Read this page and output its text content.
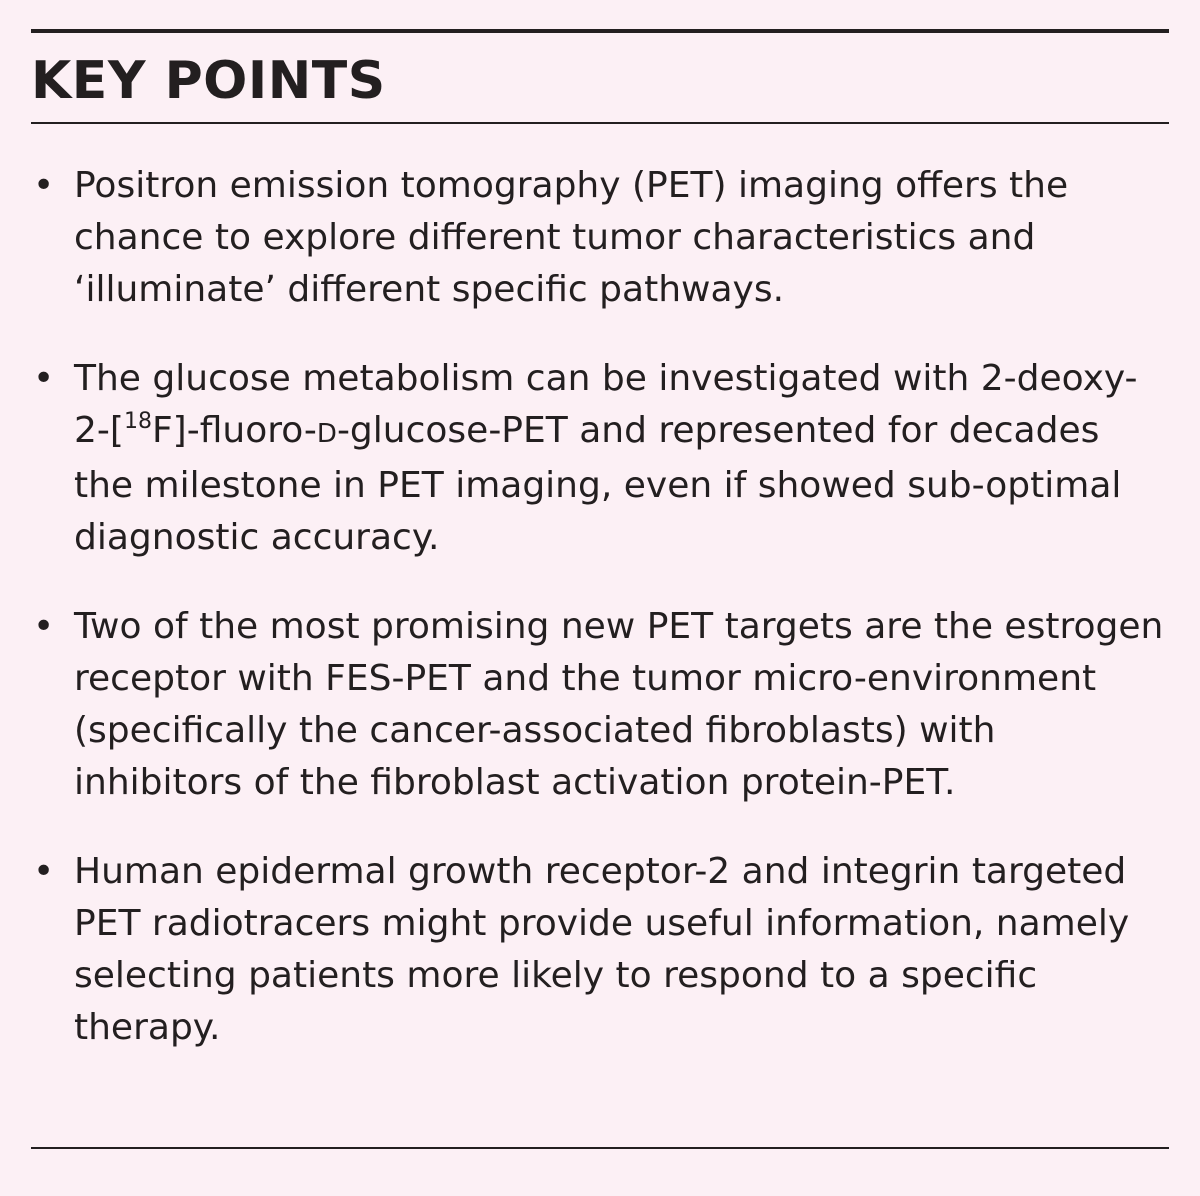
KEY POINTS
• Positron emission tomography (PET) imaging offers the chance to explore different tumor characteristics and ‘illuminate’ different specific pathways.
• The glucose metabolism can be investigated with 2-deoxy-2-[$^{18}$F]-fluoro-D-glucose-PET and represented for decades the milestone in PET imaging, even if showed sub-optimal diagnostic accuracy.
• Two of the most promising new PET targets are the estrogen receptor with FES-PET and the tumor micro-environment (specifically the cancer-associated fibroblasts) with inhibitors of the fibroblast activation protein-PET.
• Human epidermal growth receptor-2 and integrin targeted PET radiotracers might provide useful information, namely selecting patients more likely to respond to a specific therapy.
